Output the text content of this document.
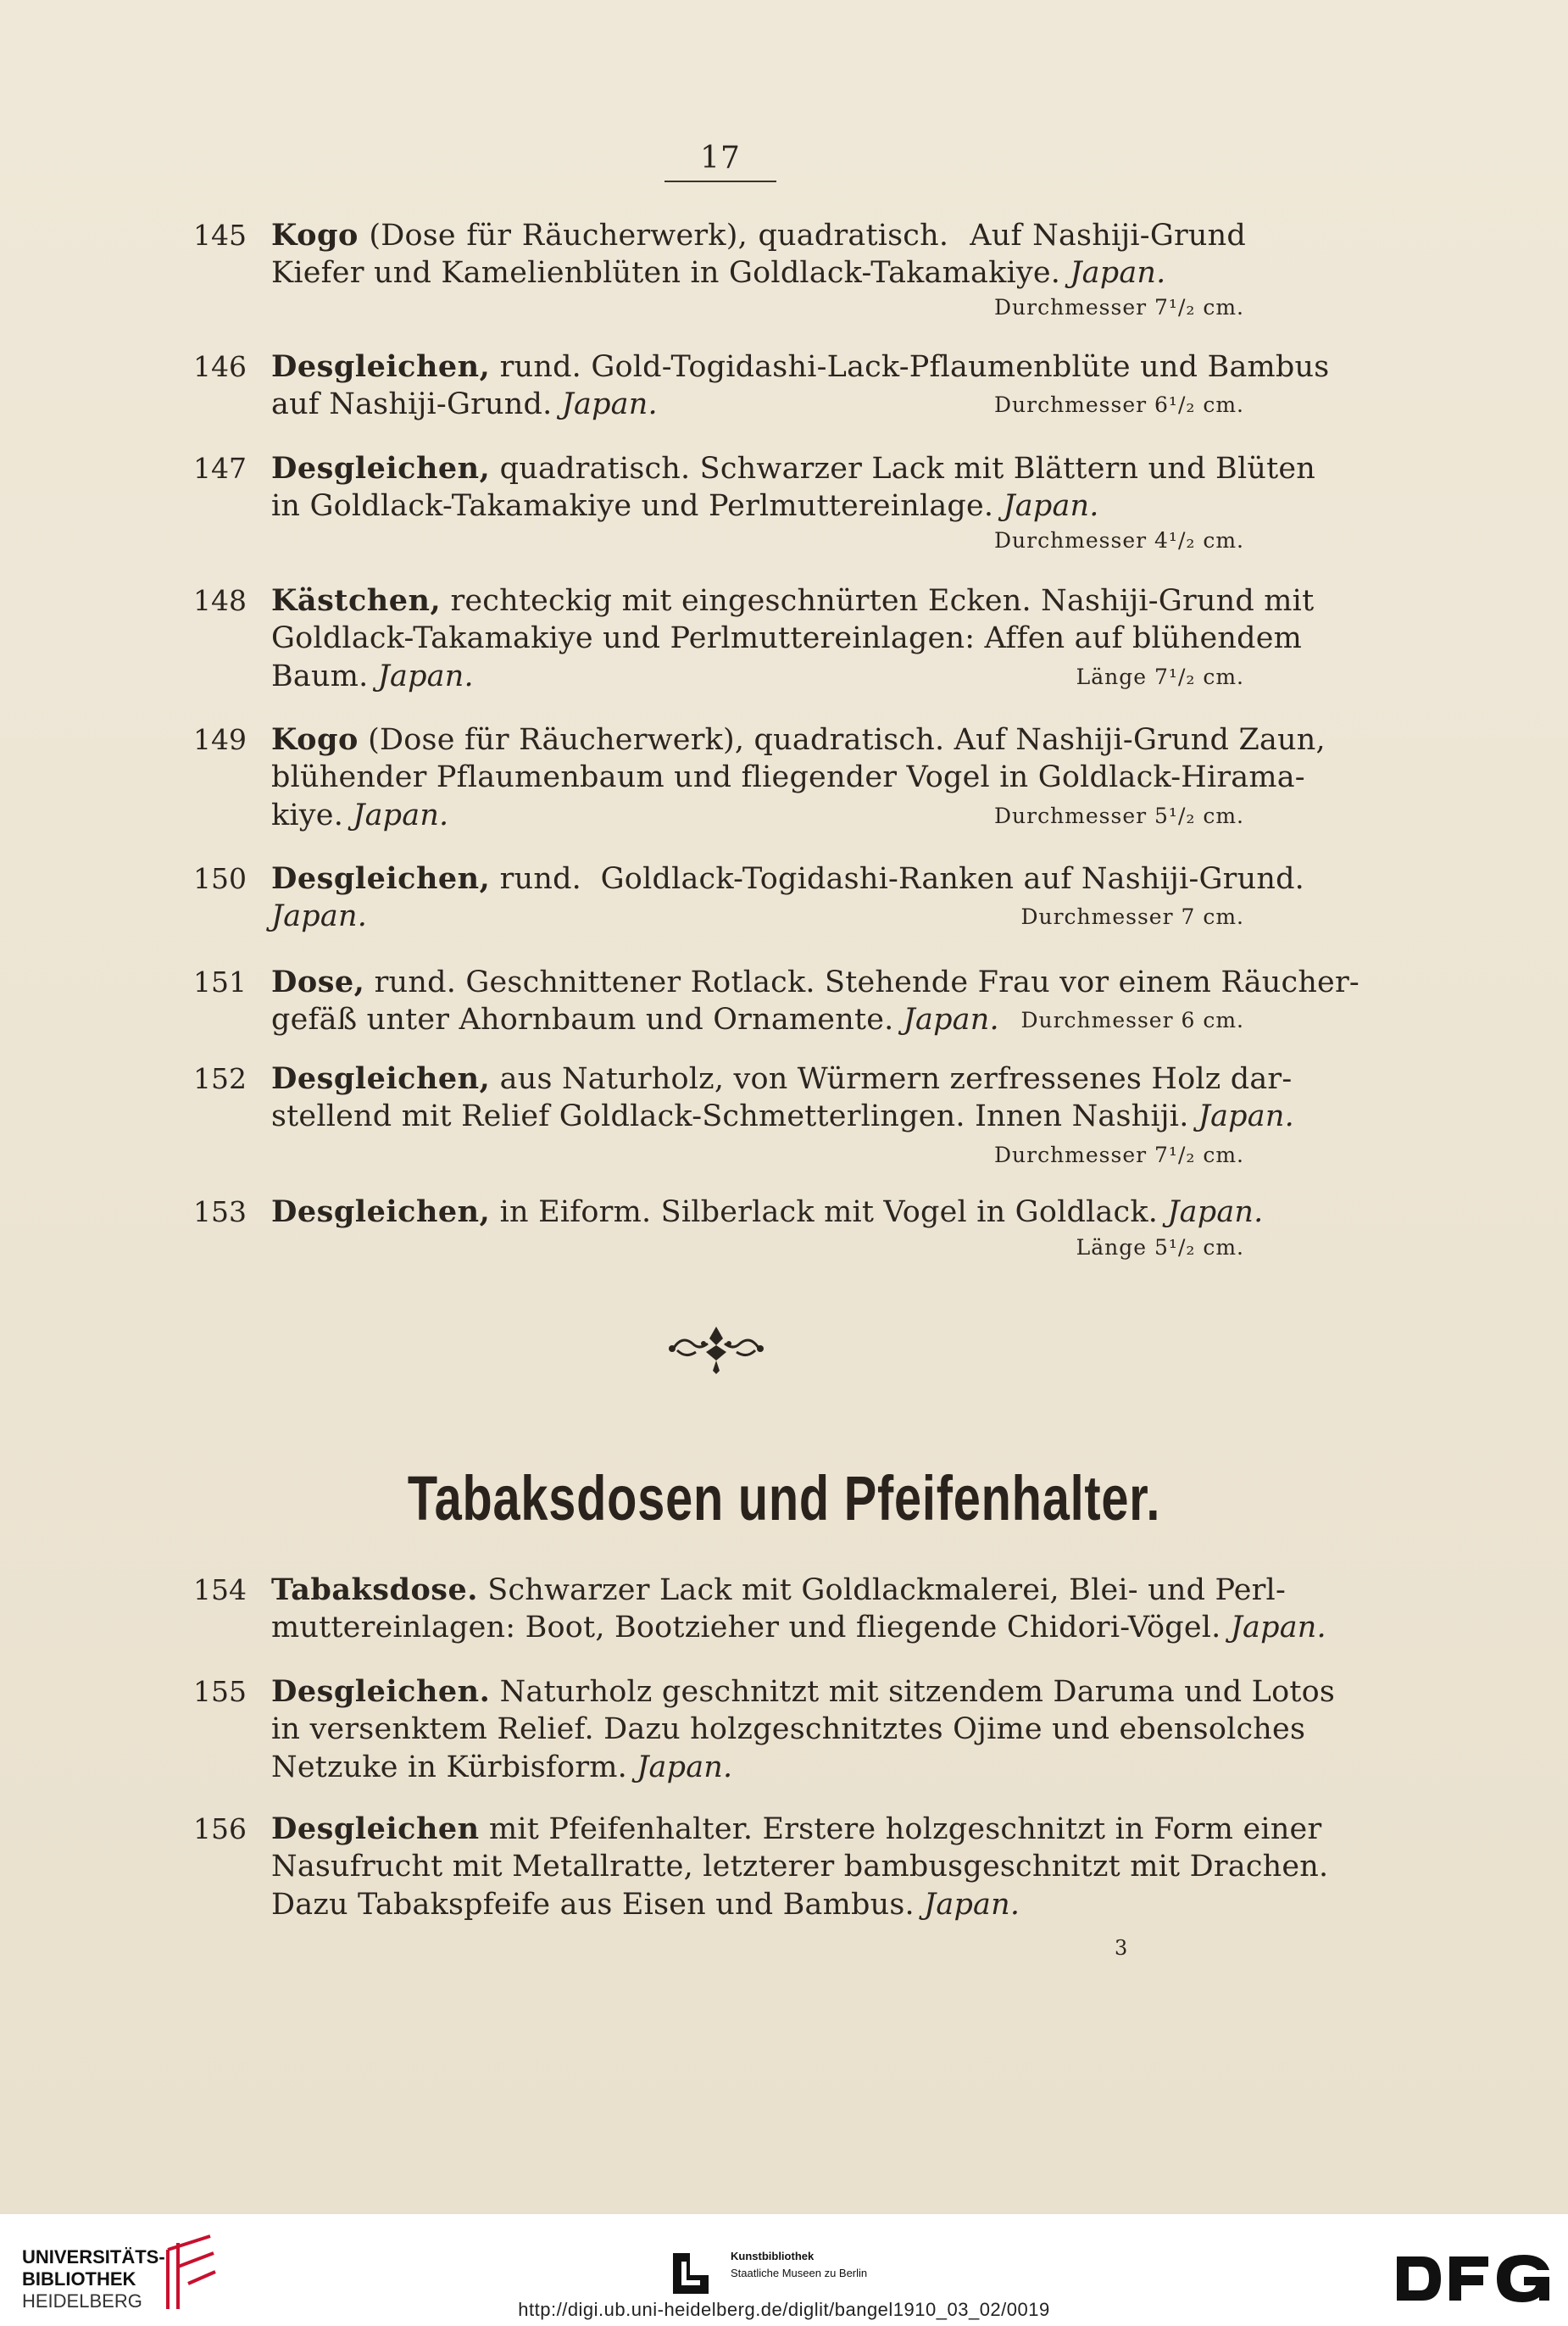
17
145 Kogo (Dose für Räucherwerk), quadratisch.  Auf Nashiji-Grund
Kiefer und Kamelienblüten in Goldlack-Takamakiye. Japan.
Durchmesser 7¹/₂ cm.
146 Desgleichen, rund. Gold-Togidashi-Lack-Pflaumenblüte und Bambus
auf Nashiji-Grund. Japan.	Durchmesser 6¹/₂ cm.
147 Desgleichen, quadratisch. Schwarzer Lack mit Blättern und Blüten
in Goldlack-Takamakiye und Perlmuttereinlage. Japan.
Durchmesser 4¹/₂ cm.
148 Kästchen, rechteckig mit eingeschnürten Ecken. Nashiji-Grund mit
Goldlack-Takamakiye und Perlmuttereinlagen: Affen auf blühendem
Baum. Japan.	Länge 7¹/₂ cm.
149 Kogo (Dose für Räucherwerk), quadratisch. Auf Nashiji-Grund Zaun,
blühender Pflaumenbaum und fliegender Vogel in Goldlack-Hirama-
kiye. Japan.	Durchmesser 5¹/₂ cm.
150 Desgleichen, rund.  Goldlack-Togidashi-Ranken auf Nashiji-Grund.
Japan.	Durchmesser 7 cm.
151 Dose, rund. Geschnittener Rotlack. Stehende Frau vor einem Räucher-
gefäß unter Ahornbaum und Ornamente. Japan.	Durchmesser 6 cm.
152 Desgleichen, aus Naturholz, von Würmern zerfressenes Holz dar-
stellend mit Relief Goldlack-Schmetterlingen. Innen Nashiji. Japan.
Durchmesser 7¹/₂ cm.
153 Desgleichen, in Eiform. Silberlack mit Vogel in Goldlack. Japan.
Länge 5¹/₂ cm.
Tabaksdosen und Pfeifenhalter.
154 Tabaksdose. Schwarzer Lack mit Goldlackmalerei, Blei- und Perl-
muttereinlagen: Boot, Bootzieher und fliegende Chidori-Vögel. Japan.
155 Desgleichen. Naturholz geschnitzt mit sitzendem Daruma und Lotos
in versenktem Relief. Dazu holzgeschnitztes Ojime und ebensolches
Netzuke in Kürbisform. Japan.
156 Desgleichen mit Pfeifenhalter. Erstere holzgeschnitzt in Form einer
Nasufrucht mit Metallratte, letzterer bambusgeschnitzt mit Drachen.
Dazu Tabakspfeife aus Eisen und Bambus. Japan.
3
UNIVERSITÄTS-
BIBLIOTHEK
HEIDELBERG
Kunstbibliothek
Staatliche Museen zu Berlin
http://digi.ub.uni-heidelberg.de/diglit/bangel1910_03_02/0019
